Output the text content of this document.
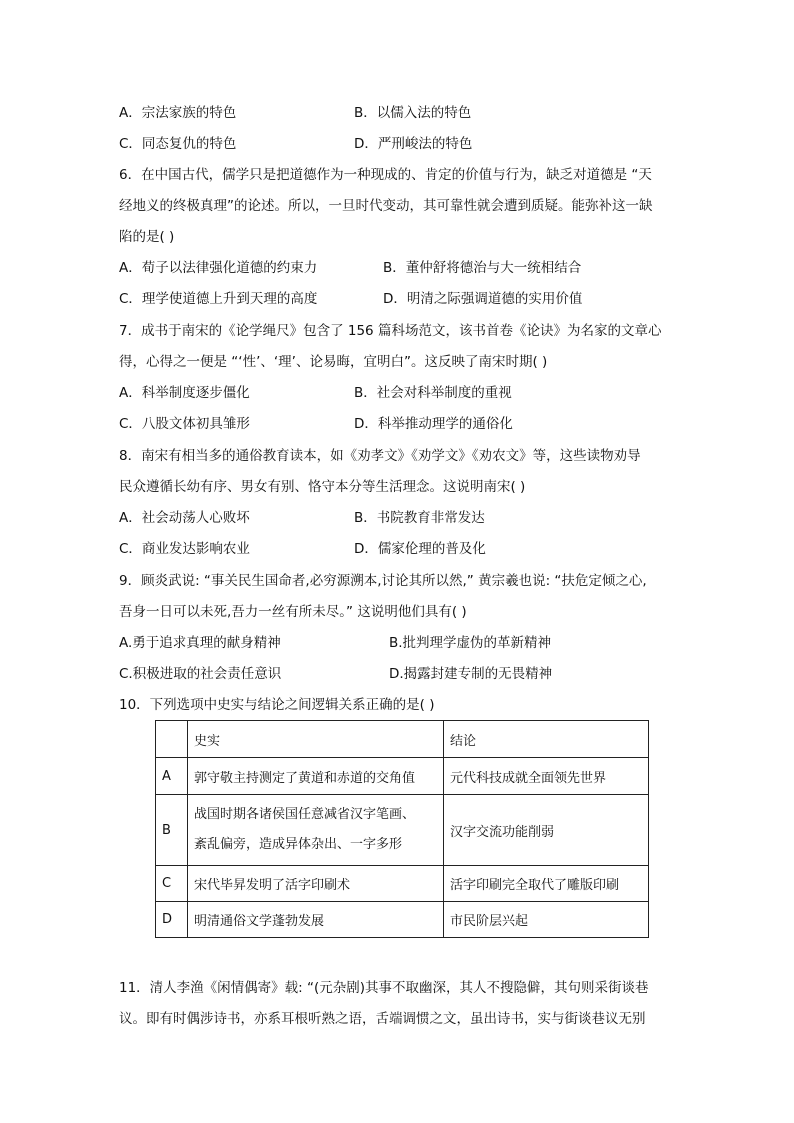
A．宗法家族的特色	B．以儒入法的特色
C．同态复仇的特色	D．严刑峻法的特色
6．在中国古代，儒学只是把道德作为一种现成的、肯定的价值与行为，缺乏对道德是 “天
经地义的终极真理”的论述。所以，一旦时代变动，其可靠性就会遭到质疑。能弥补这一缺
陷的是( )
A．荀子以法律强化道德的约束力	B．董仲舒将德治与大一统相结合
C．理学使道德上升到天理的高度	D．明清之际强调道德的实用价值
7．成书于南宋的《论学绳尺》包含了 156 篇科场范文，该书首卷《论诀》为名家的文章心
得，心得之一便是 “‘性’、‘理’、论易晦，宜明白”。这反映了南宋时期( )
A．科举制度逐步僵化	B．社会对科举制度的重视
C．八股文体初具雏形	D．科举推动理学的通俗化
8．南宋有相当多的通俗教育读本，如《劝孝文》《劝学文》《劝农文》等，这些读物劝导
民众遵循长幼有序、男女有别、恪守本分等生活理念。这说明南宋( )
A．社会动荡人心败坏	B．书院教育非常发达
C．商业发达影响农业	D．儒家伦理的普及化
9．顾炎武说: “事关民生国命者,必穷源溯本,讨论其所以然,” 黄宗羲也说: “扶危定倾之心,
吾身一日可以未死,吾力一丝有所未尽。” 这说明他们具有( )
A.勇于追求真理的献身精神	B.批判理学虚伪的革新精神
C.积极进取的社会责任意识	D.揭露封建专制的无畏精神
10．下列选项中史实与结论之间逻辑关系正确的是( )
	史实	结论
A	郭守敬主持测定了黄道和赤道的交角值	元代科技成就全面领先世界
B	战国时期各诸侯国任意减省汉字笔画、
紊乱偏旁，造成异体杂出、一字多形	汉字交流功能削弱
C	宋代毕昇发明了活字印刷术	活字印刷完全取代了雕版印刷
D	明清通俗文学蓬勃发展	市民阶层兴起
11．清人李渔《闲情偶寄》载: “(元杂剧)其事不取幽深，其人不搜隐僻，其句则采街谈巷
议。即有时偶涉诗书，亦系耳根听熟之语，舌端调惯之文，虽出诗书，实与街谈巷议无别
